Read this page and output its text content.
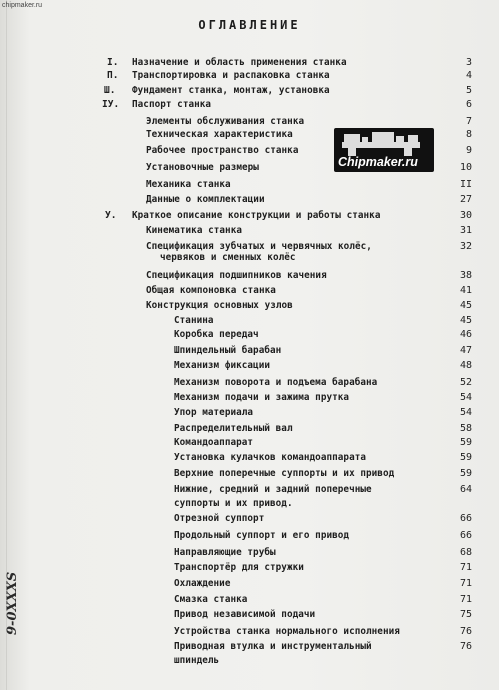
chipmaker.ru
ОГЛАВЛЕНИЕ
I. Назначение и область применения станка	3
П. Транспортировка и распаковка станка	4
Ш. Фундамент станка, монтаж, установка	5
IУ. Паспорт станка	6
Элементы обслуживания станка	7
Техническая характеристика	8
Рабочее пространство станка	9
Установочные размеры	10
Механика станка	II
Данные о комплектации	27
У. Краткое описание конструкции и работы станка	30
Кинематика станка	31
Спецификация зубчатых и червячных колёс,	32
червяков и сменных колёс
Спецификация подшипников качения	38
Общая компоновка станка	41
Конструкция основных узлов	45
Станина	45
Коробка передач	46
Шпиндельный барабан	47
Механизм фиксации	48
Механизм поворота и подъема барабана	52
Механизм подачи и зажима прутка	54
Упор материала	54
Распределительный вал	58
Командоаппарат	59
Установка кулачков командоаппарата	59
Верхние поперечные суппорты и их привод	59
Нижние, средний и задний поперечные	64
суппорты и их привод.
Отрезной суппорт	66
Продольный суппорт и его привод	66
Направляющие трубы	68
Транспортёр для стружки	71
Охлаждение	71
Смазка станка	71
Привод независимой подачи	75
Устройства станка нормального исполнения	76
Приводная втулка и инструментальный	76
шпиндель
Chipmaker.ru
9-0XXXS
